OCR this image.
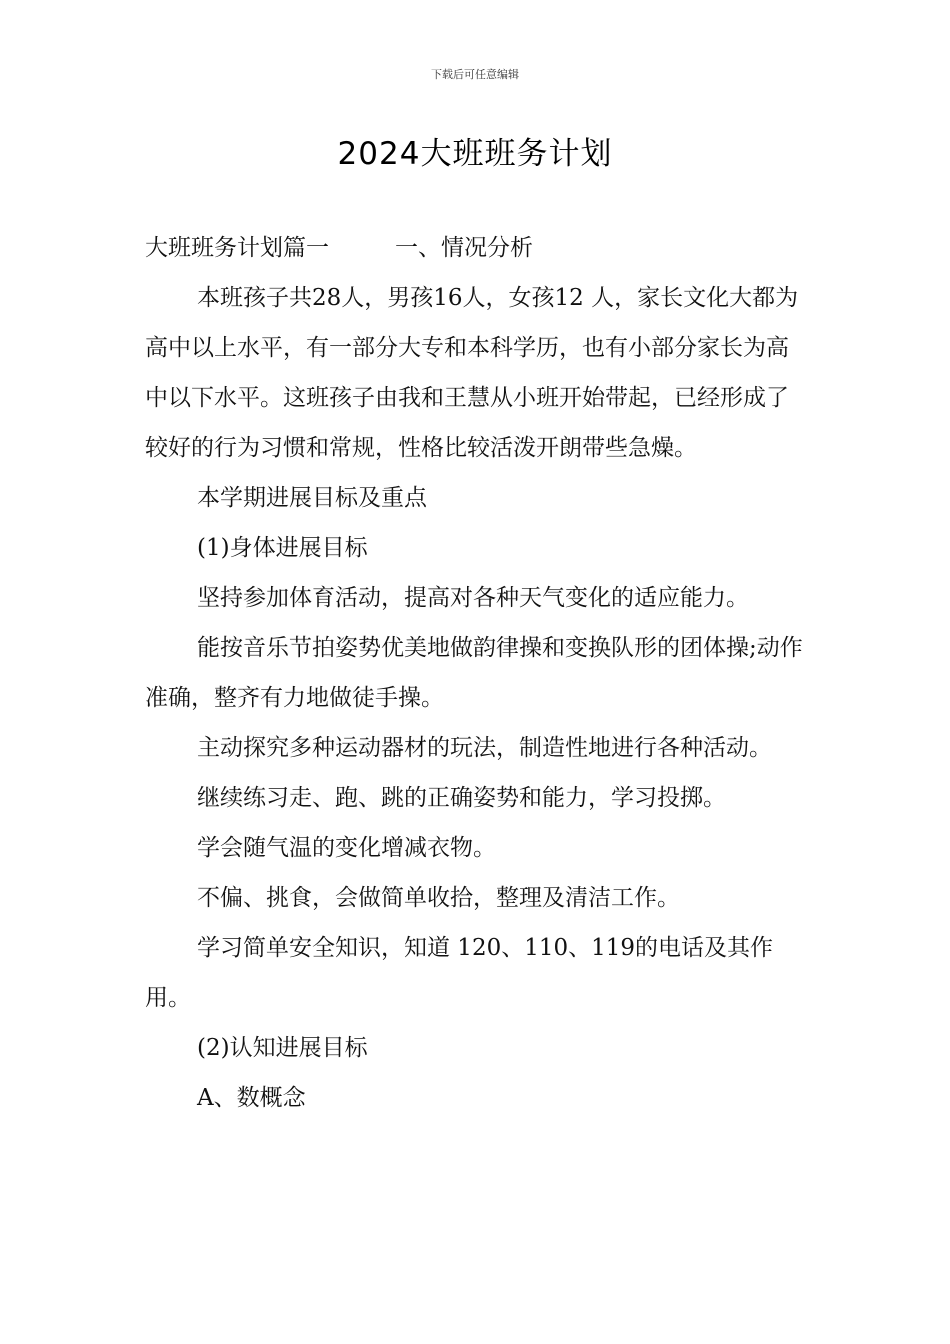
下载后可任意编辑
2024大班班务计划

大班班务计划篇一	一、情况分析

本班孩子共28人，男孩16人，女孩12 人，家长文化大都为高中以上水平，有一部分大专和本科学历，也有小部分家长为高中以下水平。这班孩子由我和王慧从小班开始带起，已经形成了较好的行为习惯和常规，性格比较活泼开朗带些急燥。

本学期进展目标及重点

(1)身体进展目标

坚持参加体育活动，提高对各种天气变化的适应能力。

能按音乐节拍姿势优美地做韵律操和变换队形的团体操;动作准确，整齐有力地做徒手操。

主动探究多种运动器材的玩法，制造性地进行各种活动。

继续练习走、跑、跳的正确姿势和能力，学习投掷。

学会随气温的变化增减衣物。

不偏、挑食，会做简单收拾，整理及清洁工作。

学习简单安全知识，知道 120、110、119的电话及其作用。

(2)认知进展目标

A、数概念
